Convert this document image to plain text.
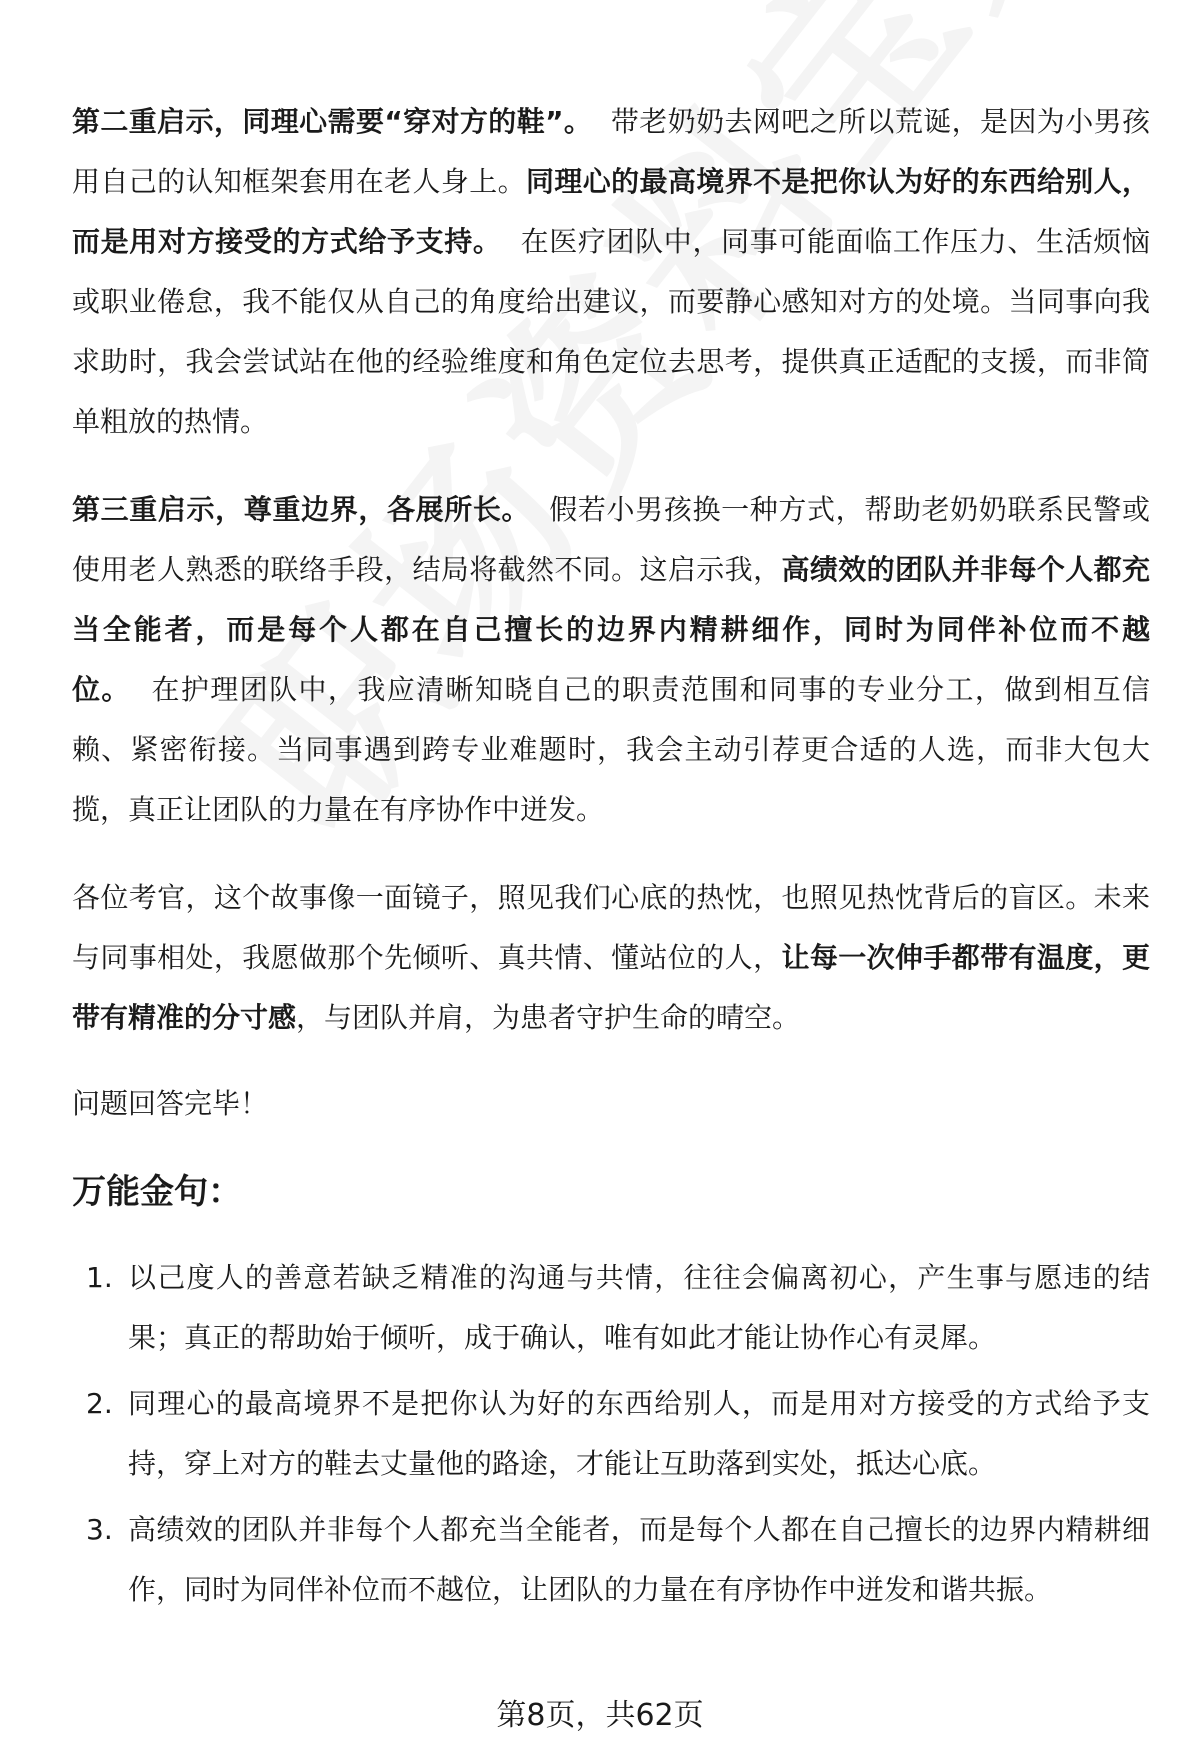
第二重启示，同理心需要“穿对方的鞋”。 带老奶奶去网吧之所以荒诞，是因为小男孩用自己的认知框架套用在老人身上。同理心的最高境界不是把你认为好的东西给别人，而是用对方接受的方式给予支持。 在医疗团队中，同事可能面临工作压力、生活烦恼或职业倦怠，我不能仅从自己的角度给出建议，而要静心感知对方的处境。当同事向我求助时，我会尝试站在他的经验维度和角色定位去思考，提供真正适配的支援，而非简单粗放的热情。

第三重启示，尊重边界，各展所长。 假若小男孩换一种方式，帮助老奶奶联系民警或使用老人熟悉的联络手段，结局将截然不同。这启示我，高绩效的团队并非每个人都充当全能者，而是每个人都在自己擅长的边界内精耕细作，同时为同伴补位而不越位。 在护理团队中，我应清晰知晓自己的职责范围和同事的专业分工，做到相互信赖、紧密衔接。当同事遇到跨专业难题时，我会主动引荐更合适的人选，而非大包大揽，真正让团队的力量在有序协作中迸发。

各位考官，这个故事像一面镜子，照见我们心底的热忱，也照见热忱背后的盲区。未来与同事相处，我愿做那个先倾听、真共情、懂站位的人，让每一次伸手都带有温度，更带有精准的分寸感，与团队并肩，为患者守护生命的晴空。

问题回答完毕！

万能金句：
1. 以己度人的善意若缺乏精准的沟通与共情，往往会偏离初心，产生事与愿违的结果；真正的帮助始于倾听，成于确认，唯有如此才能让协作心有灵犀。
2. 同理心的最高境界不是把你认为好的东西给别人，而是用对方接受的方式给予支持，穿上对方的鞋去丈量他的路途，才能让互助落到实处，抵达心底。
3. 高绩效的团队并非每个人都充当全能者，而是每个人都在自己擅长的边界内精耕细作，同时为同伴补位而不越位，让团队的力量在有序协作中迸发和谐共振。
第8页，共62页
